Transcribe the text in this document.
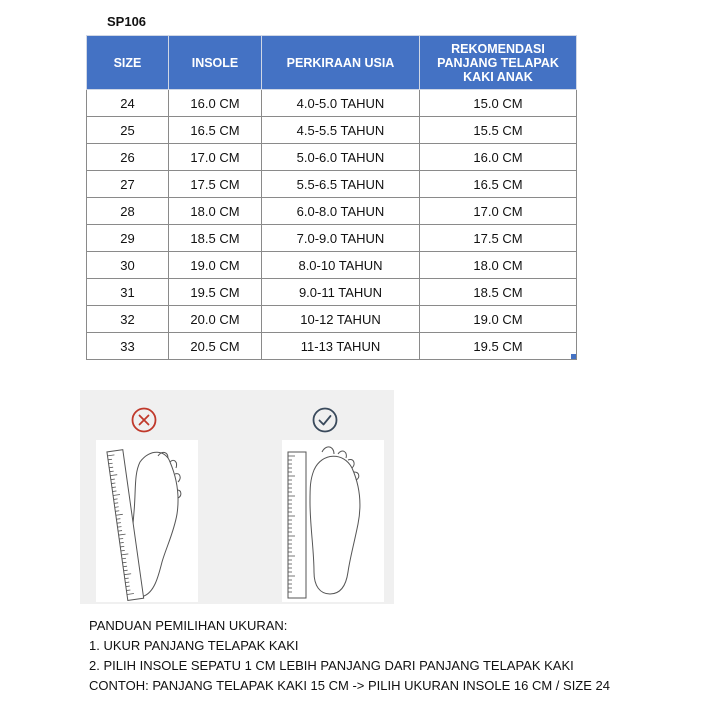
SP106
SIZE	INSOLE	PERKIRAAN USIA	REKOMENDASI PANJANG TELAPAK KAKI ANAK
24	16.0 CM	4.0-5.0 TAHUN	15.0 CM
25	16.5 CM	4.5-5.5 TAHUN	15.5 CM
26	17.0 CM	5.0-6.0 TAHUN	16.0 CM
27	17.5 CM	5.5-6.5 TAHUN	16.5 CM
28	18.0 CM	6.0-8.0 TAHUN	17.0 CM
29	18.5 CM	7.0-9.0 TAHUN	17.5 CM
30	19.0 CM	8.0-10 TAHUN	18.0 CM
31	19.5 CM	9.0-11 TAHUN	18.5 CM
32	20.0 CM	10-12 TAHUN	19.0 CM
33	20.5 CM	11-13 TAHUN	19.5 CM
PANDUAN PEMILIHAN UKURAN:
1. UKUR PANJANG TELAPAK KAKI
2. PILIH INSOLE SEPATU 1 CM LEBIH PANJANG DARI PANJANG TELAPAK KAKI
CONTOH: PANJANG TELAPAK KAKI 15 CM -> PILIH UKURAN INSOLE 16 CM / SIZE 24
